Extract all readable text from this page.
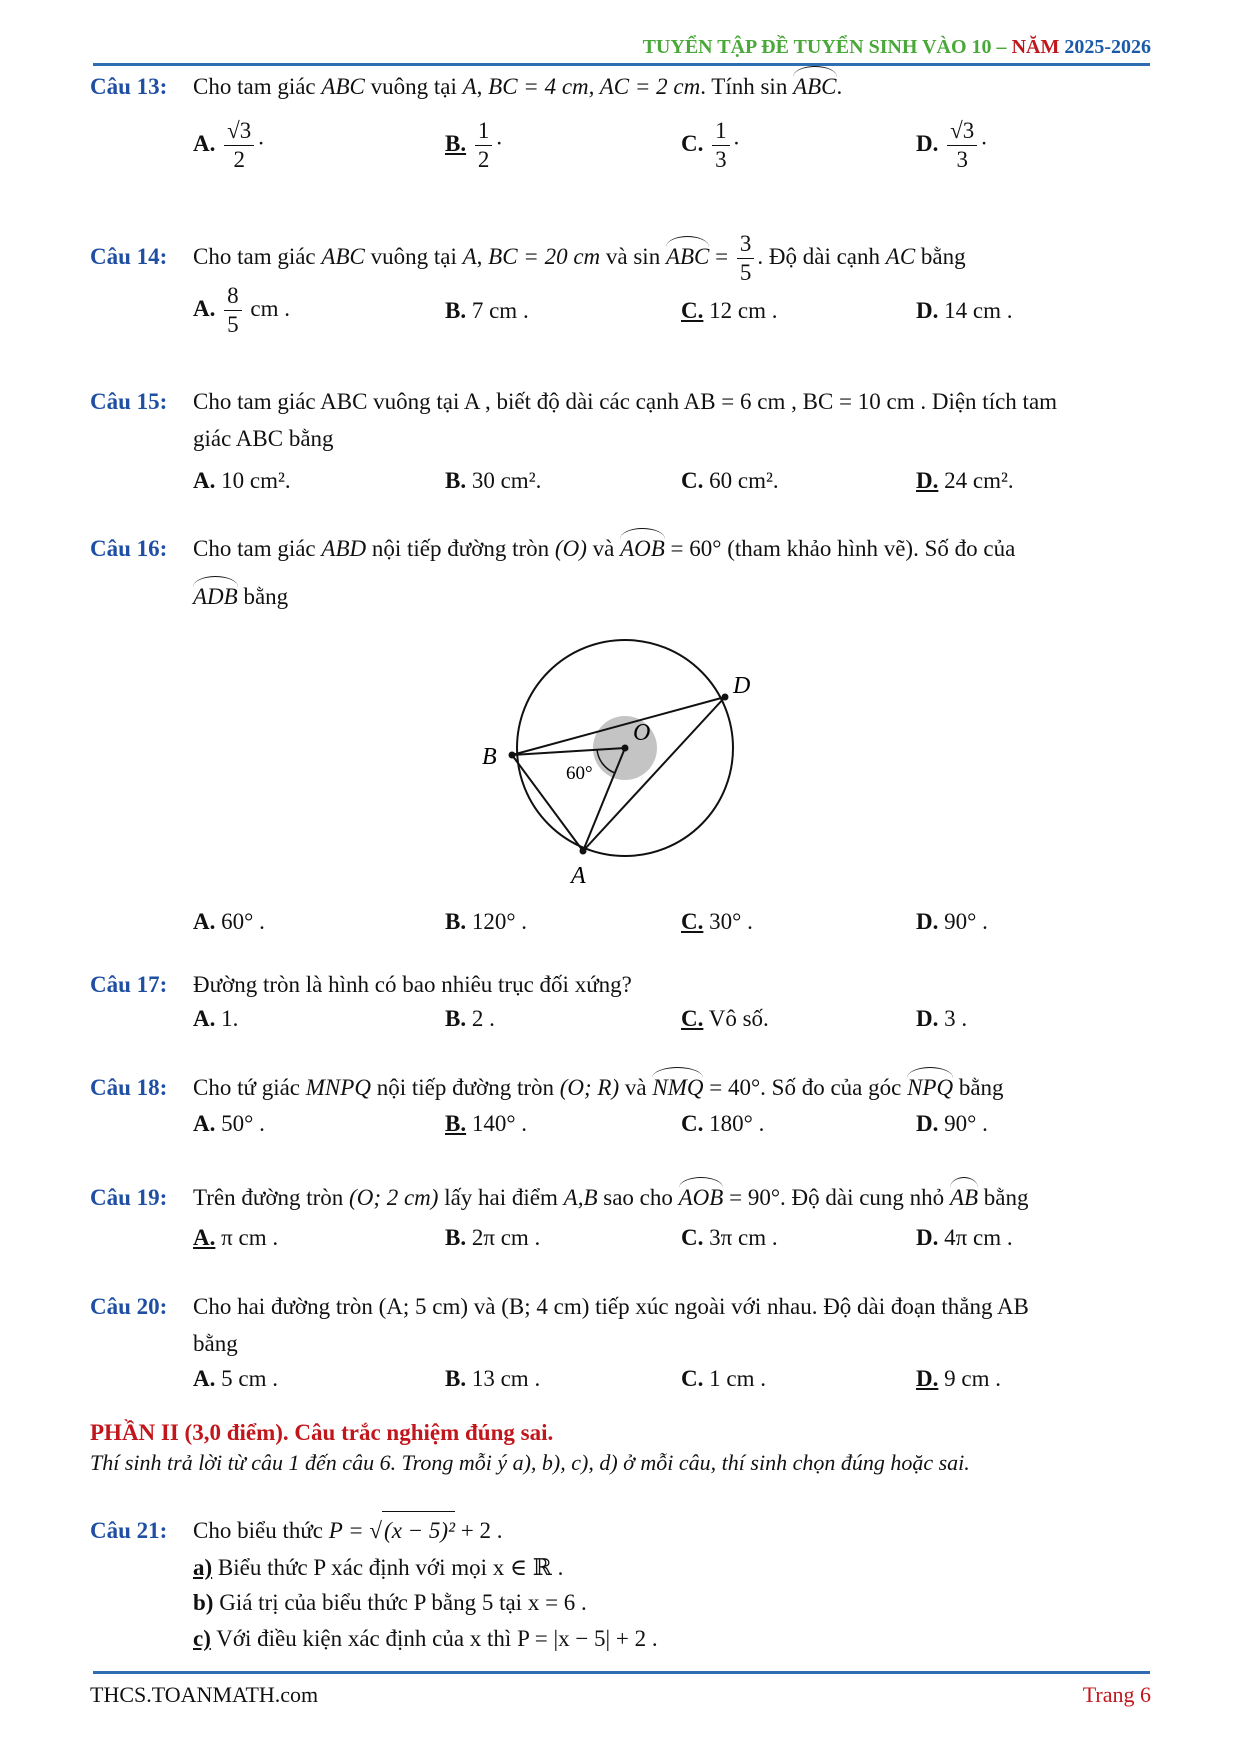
TUYỂN TẬP ĐỀ TUYỂN SINH VÀO 10 – NĂM 2025-2026
Câu 13: Cho tam giác ABC vuông tại A, BC = 4 cm, AC = 2 cm. Tính sin ABC.
A. $\frac{√3}{2}$ ·	B. $\frac{1}{2}$ ·	C. $\frac{1}{3}$ ·	D. $\frac{√3}{3}$ ·
Câu 14: Cho tam giác ABC vuông tại A, BC = 20 cm và sin ABC = $\frac{3}{5}$ . Độ dài cạnh AC bằng
A. $\frac{8}{5}$ cm .	B. 7 cm .	C. 12 cm .	D. 14 cm .
Câu 15: Cho tam giác ABC vuông tại A , biết độ dài các cạnh AB = 6 cm , BC = 10 cm . Diện tích tam
giác ABC bằng
A. 10 cm².	B. 30 cm².	C. 60 cm².	D. 24 cm².
Câu 16: Cho tam giác ABD nội tiếp đường tròn (O) và AOB = 60° (tham khảo hình vẽ). Số đo của
ADB bằng
B
D
O
A
60°
A. 60° .	B. 120° .	C. 30° .	D. 90° .
Câu 17: Đường tròn là hình có bao nhiêu trục đối xứng?
A. 1.	B. 2 .	C. Vô số.	D. 3 .
Câu 18: Cho tứ giác MNPQ nội tiếp đường tròn (O; R) và NMQ = 40°. Số đo của góc NPQ bằng
A. 50° .	B. 140° .	C. 180° .	D. 90° .
Câu 19: Trên đường tròn (O; 2 cm) lấy hai điểm A,B sao cho AOB = 90°. Độ dài cung nhỏ AB bằng
A. π cm .	B. 2π cm .	C. 3π cm .	D. 4π cm .
Câu 20: Cho hai đường tròn (A; 5 cm) và (B; 4 cm) tiếp xúc ngoài với nhau. Độ dài đoạn thẳng AB
bằng
A. 5 cm .	B. 13 cm .	C. 1 cm .	D. 9 cm .
PHẦN II (3,0 điểm). Câu trắc nghiệm đúng sai.
Thí sinh trả lời từ câu 1 đến câu 6. Trong mỗi ý a), b), c), d) ở mỗi câu, thí sinh chọn đúng hoặc sai.
Câu 21: Cho biểu thức P = √(x − 5)² + 2 .
a) Biểu thức P xác định với mọi x ∈ ℝ .
b) Giá trị của biểu thức P bằng 5 tại x = 6 .
c) Với điều kiện xác định của x thì P = |x − 5| + 2 .
THCS.TOANMATH.com	Trang 6
